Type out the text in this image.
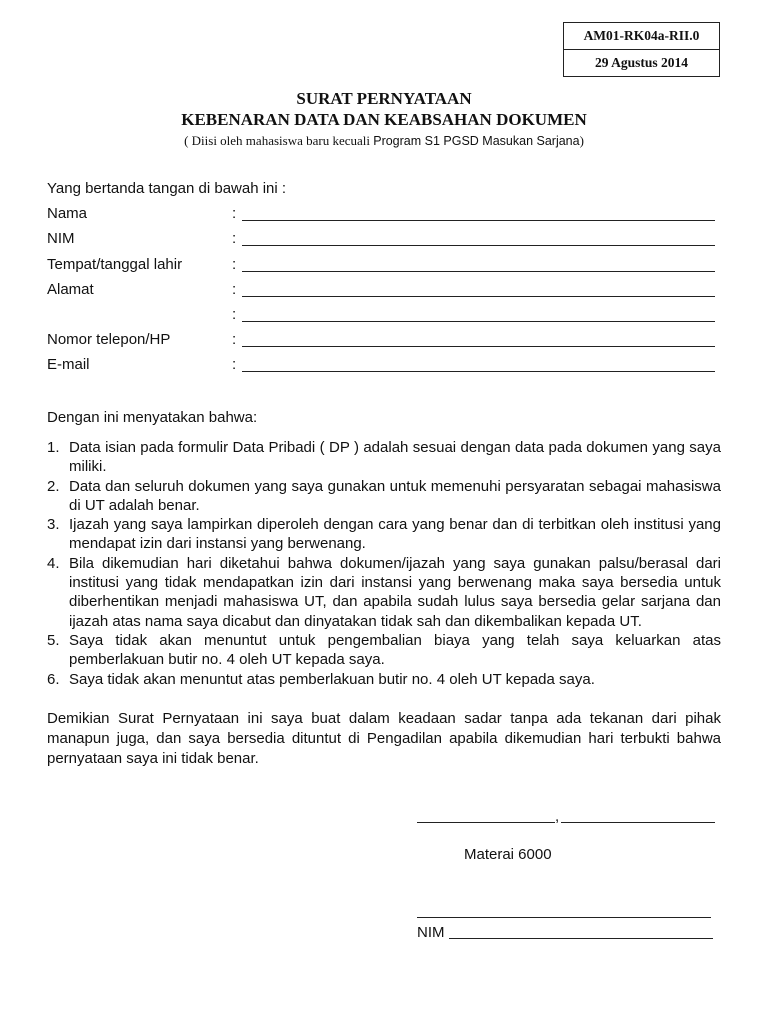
AM01-RK04a-RII.0
29 Agustus 2014
SURAT PERNYATAAN
KEBENARAN DATA DAN KEABSAHAN DOKUMEN
( Diisi oleh mahasiswa baru kecuali Program S1 PGSD Masukan Sarjana)
Yang bertanda tangan di bawah ini :
Nama	:
NIM	:
Tempat/tanggal lahir	:
Alamat	:
:
Nomor telepon/HP	:
E-mail	:
Dengan ini menyatakan bahwa:
1. Data isian pada formulir Data Pribadi ( DP ) adalah sesuai dengan data pada dokumen yang saya miliki.
2. Data dan seluruh dokumen yang saya gunakan untuk memenuhi persyaratan sebagai mahasiswa di UT adalah benar.
3. Ijazah yang saya lampirkan diperoleh dengan cara yang benar dan di terbitkan oleh institusi yang mendapat izin dari instansi yang berwenang.
4. Bila dikemudian hari diketahui bahwa dokumen/ijazah yang saya gunakan palsu/berasal dari institusi yang tidak mendapatkan izin dari instansi yang berwenang maka saya bersedia untuk diberhentikan menjadi mahasiswa UT, dan apabila sudah lulus saya bersedia gelar sarjana dan ijazah atas nama saya dicabut dan dinyatakan tidak sah dan dikembalikan kepada UT.
5. Saya tidak akan menuntut untuk pengembalian biaya yang telah saya keluarkan atas pemberlakuan butir no. 4 oleh UT kepada saya.
6. Saya tidak akan menuntut atas pemberlakuan butir no. 4 oleh UT kepada saya.
Demikian Surat Pernyataan ini saya buat dalam keadaan sadar tanpa ada tekanan dari pihak manapun juga, dan saya bersedia dituntut di Pengadilan apabila dikemudian hari terbukti bahwa pernyataan saya ini tidak benar.
,
Materai 6000
NIM
